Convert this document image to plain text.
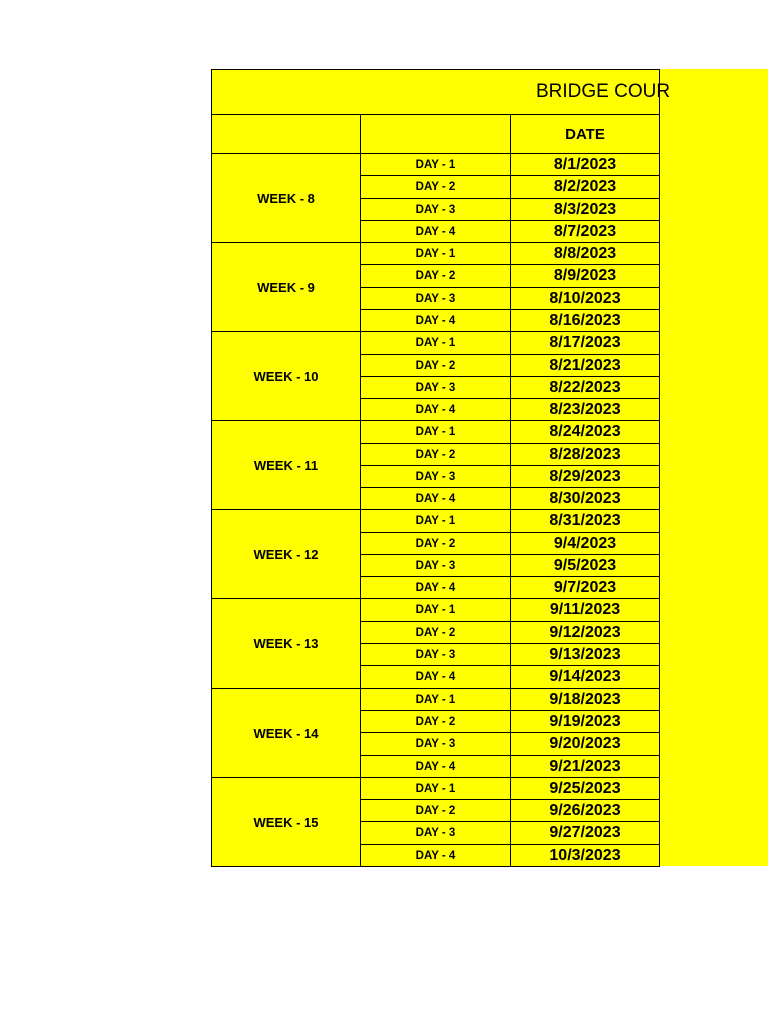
BRIDGE COUR
DATE
WEEK - 8
DAY - 1	8/1/2023
DAY - 2	8/2/2023
DAY - 3	8/3/2023
DAY - 4	8/7/2023
WEEK - 9
DAY - 1	8/8/2023
DAY - 2	8/9/2023
DAY - 3	8/10/2023
DAY - 4	8/16/2023
WEEK - 10
DAY - 1	8/17/2023
DAY - 2	8/21/2023
DAY - 3	8/22/2023
DAY - 4	8/23/2023
WEEK - 11
DAY - 1	8/24/2023
DAY - 2	8/28/2023
DAY - 3	8/29/2023
DAY - 4	8/30/2023
WEEK - 12
DAY - 1	8/31/2023
DAY - 2	9/4/2023
DAY - 3	9/5/2023
DAY - 4	9/7/2023
WEEK - 13
DAY - 1	9/11/2023
DAY - 2	9/12/2023
DAY - 3	9/13/2023
DAY - 4	9/14/2023
WEEK - 14
DAY - 1	9/18/2023
DAY - 2	9/19/2023
DAY - 3	9/20/2023
DAY - 4	9/21/2023
WEEK - 15
DAY - 1	9/25/2023
DAY - 2	9/26/2023
DAY - 3	9/27/2023
DAY - 4	10/3/2023
